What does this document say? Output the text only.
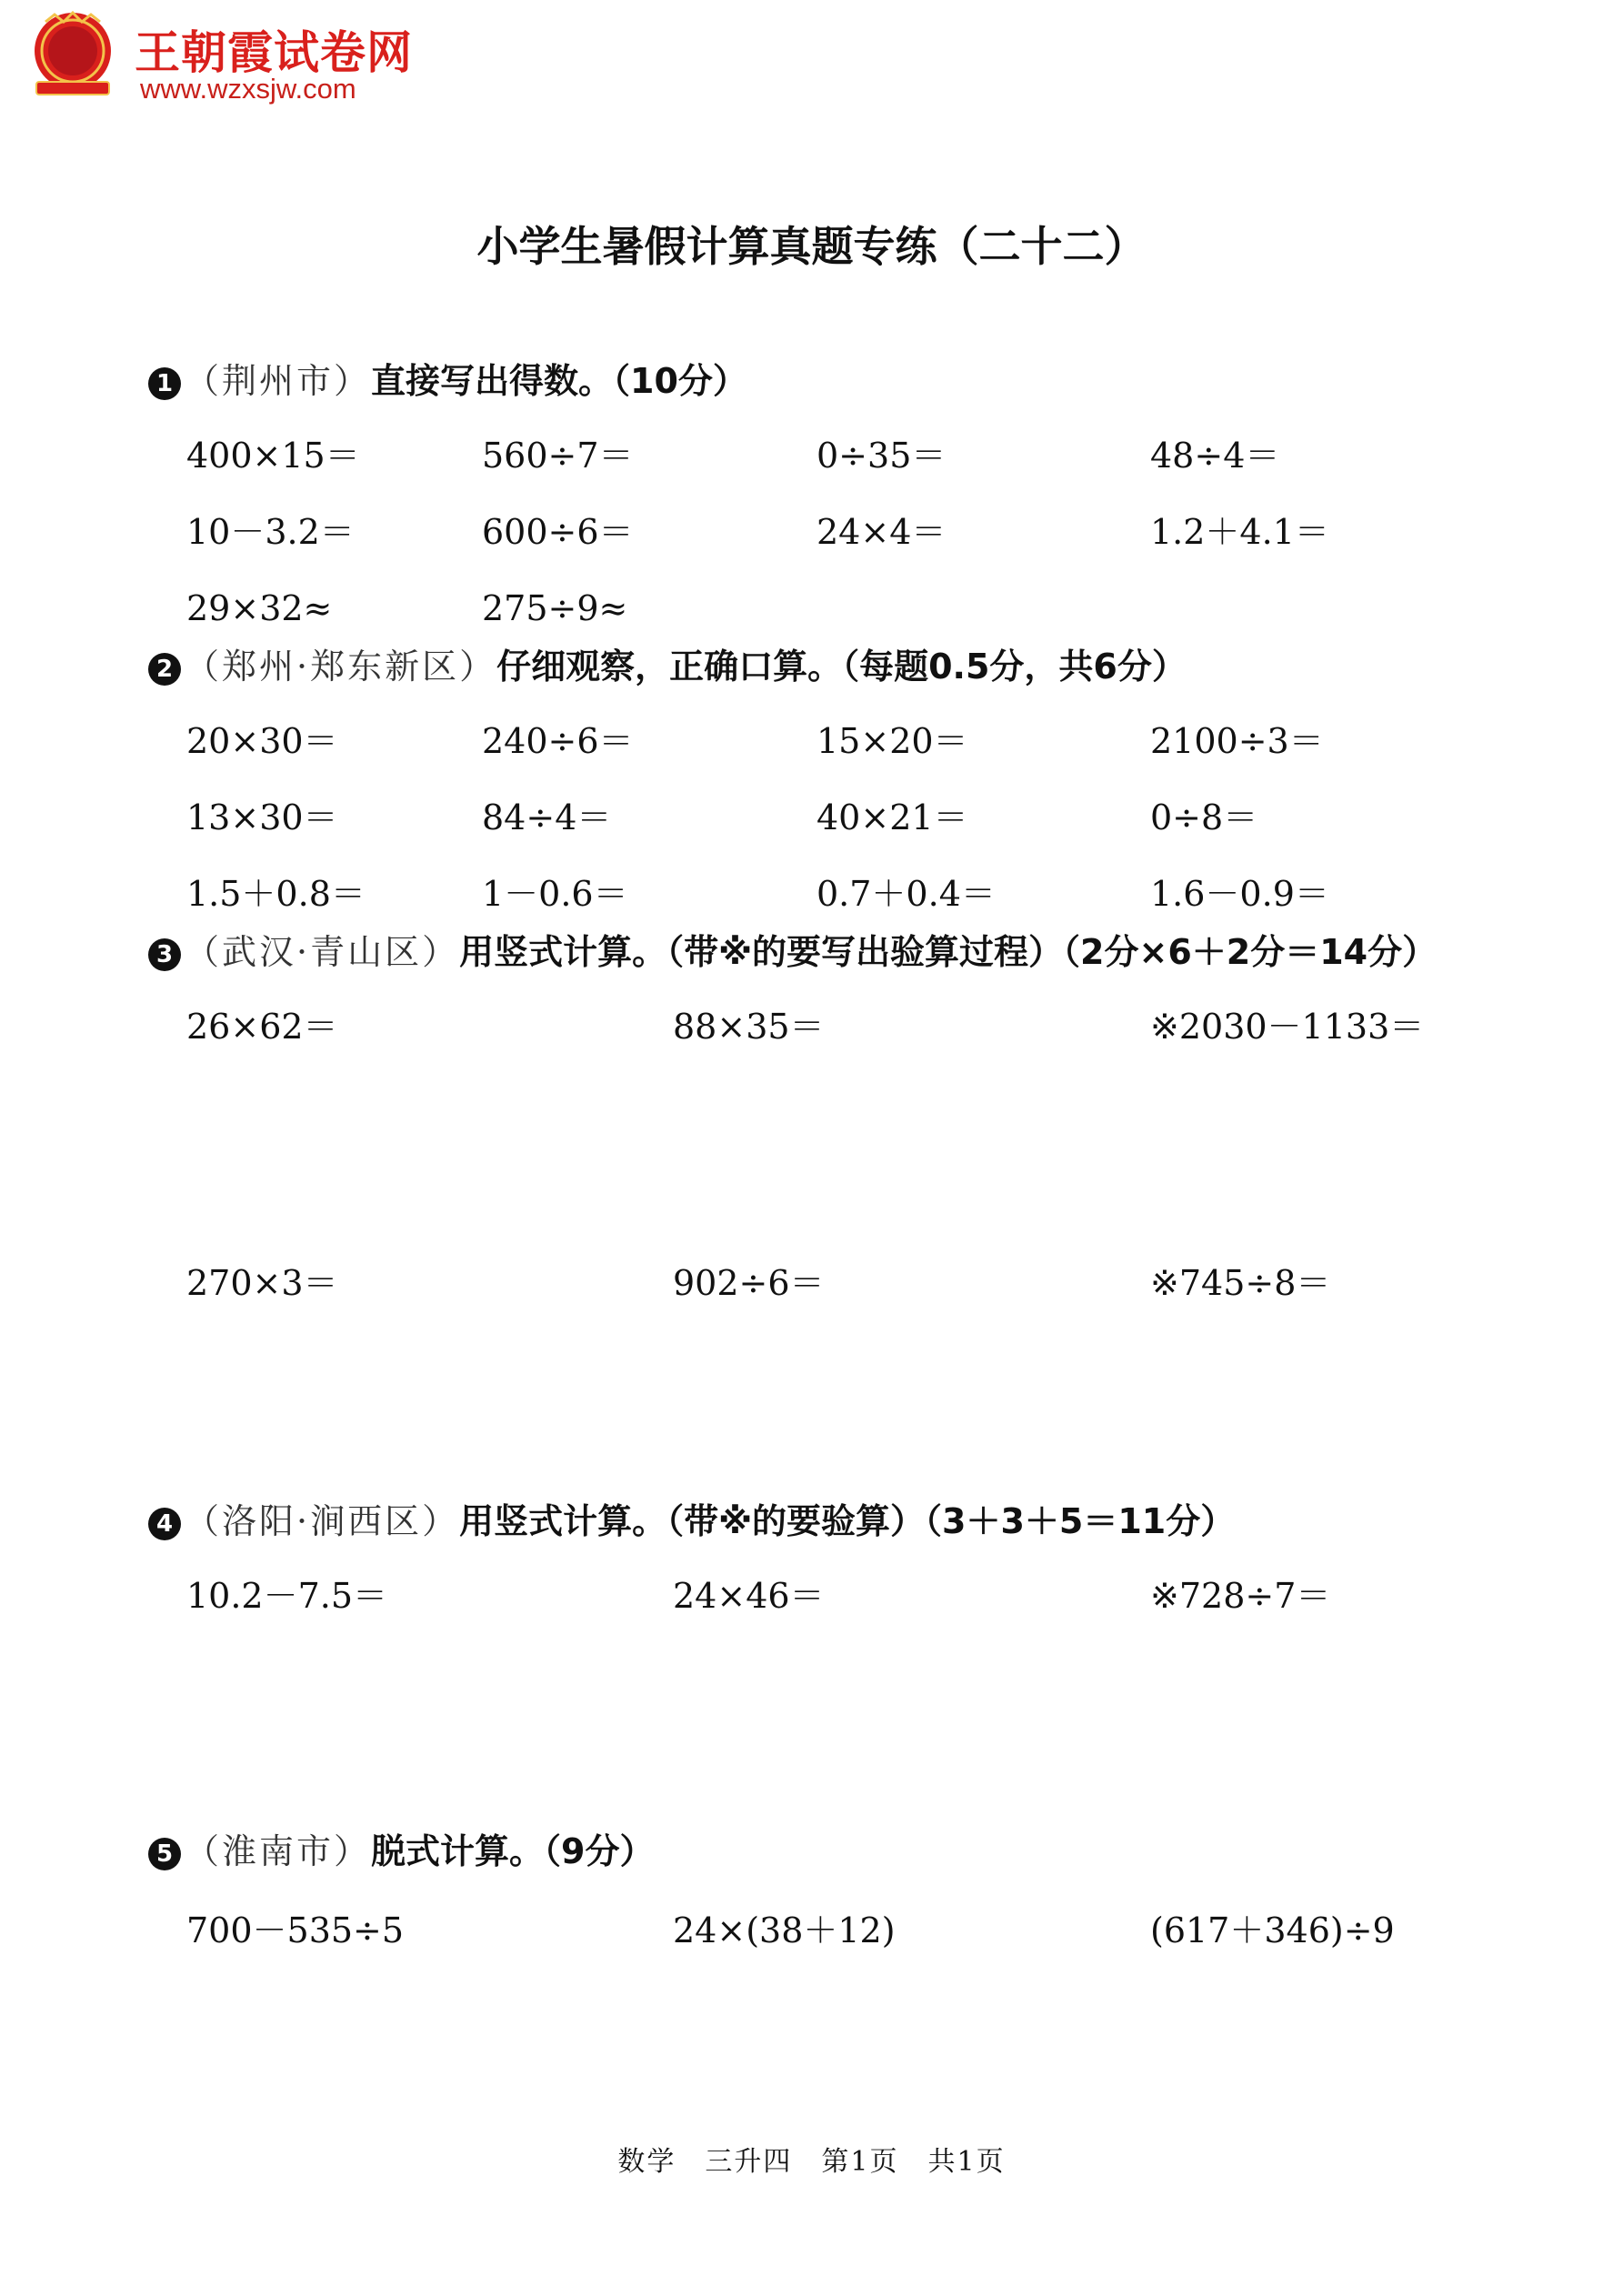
王朝霞试卷网
www.wzxsjw.com
小学生暑假计算真题专练（二十二）
1 （荆州市）直接写出得数。（10分）
400×15＝	560÷7＝	0÷35＝	48÷4＝
10－3.2＝	600÷6＝	24×4＝	1.2＋4.1＝
29×32≈	275÷9≈
2 （郑州·郑东新区）仔细观察，正确口算。（每题0.5分，共6分）
20×30＝	240÷6＝	15×20＝	2100÷3＝
13×30＝	84÷4＝	40×21＝	0÷8＝
1.5＋0.8＝	1－0.6＝	0.7＋0.4＝	1.6－0.9＝
3 （武汉·青山区）用竖式计算。（带※的要写出验算过程）（2分×6＋2分＝14分）
26×62＝	88×35＝	※2030－1133＝
270×3＝	902÷6＝	※745÷8＝
4 （洛阳·涧西区）用竖式计算。（带※的要验算）（3＋3＋5＝11分）
10.2－7.5＝	24×46＝	※728÷7＝
5 （淮南市）脱式计算。（9分）
700－535÷5	24×(38＋12)	(617＋346)÷9
数学　三升四　第1页　共1页
